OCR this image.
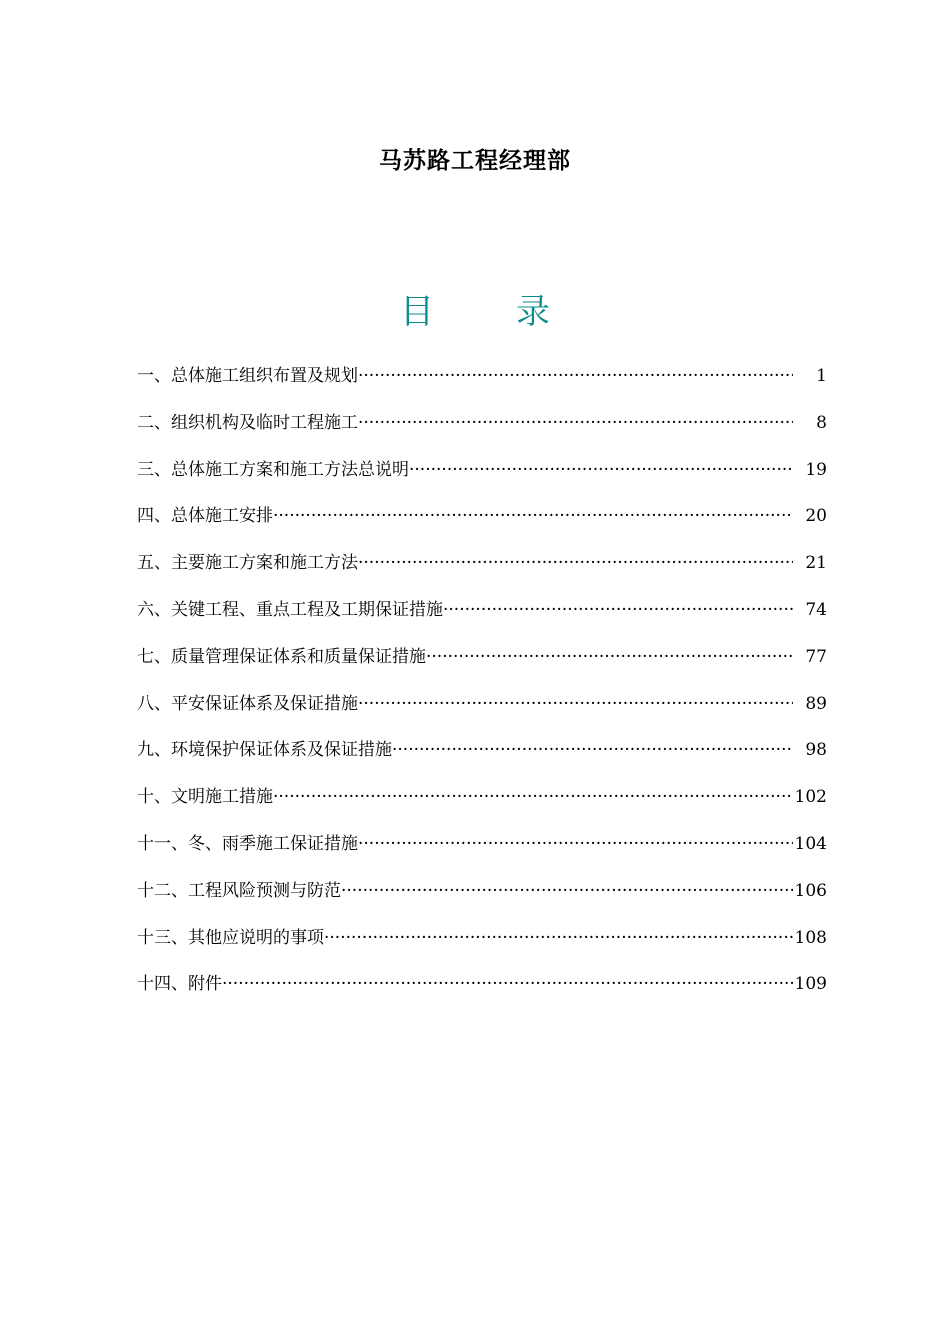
马苏路工程经理部
目 录
一、总体施工组织布置及规划 ·····	1
二、组织机构及临时工程施工 ·····	8
三、总体施工方案和施工方法总说明 ·····	19
四、总体施工安排 ·····	20
五、主要施工方案和施工方法 ·····	21
六、关键工程、重点工程及工期保证措施 ·····	74
七、质量管理保证体系和质量保证措施 ·····	77
八、平安保证体系及保证措施 ·····	89
九、环境保护保证体系及保证措施 ·····	98
十、文明施工措施 ·····	102
十一、冬、雨季施工保证措施 ·····	104
十二、工程风险预测与防范 ·····	106
十三、其他应说明的事项 ·····	108
十四、附件 ·····	109
